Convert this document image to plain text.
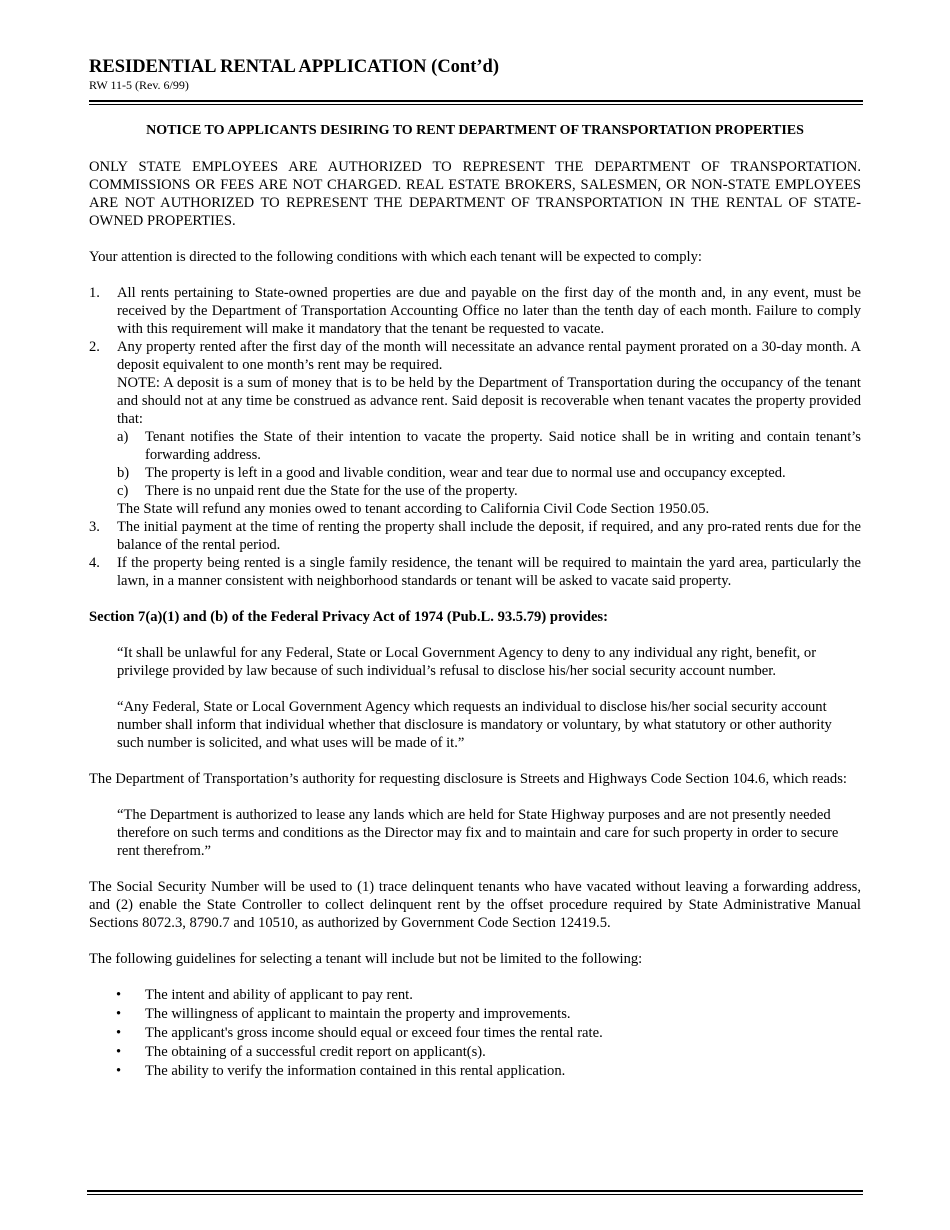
RESIDENTIAL RENTAL APPLICATION (Cont’d)
RW 11-5 (Rev. 6/99)
NOTICE TO APPLICANTS DESIRING TO RENT DEPARTMENT OF TRANSPORTATION PROPERTIES

ONLY STATE EMPLOYEES ARE AUTHORIZED TO REPRESENT THE DEPARTMENT OF TRANSPORTATION. COMMISSIONS OR FEES ARE NOT CHARGED. REAL ESTATE BROKERS, SALESMEN, OR NON-STATE EMPLOYEES ARE NOT AUTHORIZED TO REPRESENT THE DEPARTMENT OF TRANSPORTATION IN THE RENTAL OF STATE-OWNED PROPERTIES.

Your attention is directed to the following conditions with which each tenant will be expected to comply:

1. All rents pertaining to State-owned properties are due and payable on the first day of the month and, in any event, must be received by the Department of Transportation Accounting Office no later than the tenth day of each month. Failure to comply with this requirement will make it mandatory that the tenant be requested to vacate.
2. Any property rented after the first day of the month will necessitate an advance rental payment prorated on a 30-day month. A deposit equivalent to one month’s rent may be required.
NOTE: A deposit is a sum of money that is to be held by the Department of Transportation during the occupancy of the tenant and should not at any time be construed as advance rent. Said deposit is recoverable when tenant vacates the property provided that:
a) Tenant notifies the State of their intention to vacate the property. Said notice shall be in writing and contain tenant’s forwarding address.
b) The property is left in a good and livable condition, wear and tear due to normal use and occupancy excepted.
c) There is no unpaid rent due the State for the use of the property.
The State will refund any monies owed to tenant according to California Civil Code Section 1950.05.
3. The initial payment at the time of renting the property shall include the deposit, if required, and any pro-rated rents due for the balance of the rental period.
4. If the property being rented is a single family residence, the tenant will be required to maintain the yard area, particularly the lawn, in a manner consistent with neighborhood standards or tenant will be asked to vacate said property.

Section 7(a)(1) and (b) of the Federal Privacy Act of 1974 (Pub.L. 93.5.79) provides:

“It shall be unlawful for any Federal, State or Local Government Agency to deny to any individual any right, benefit, or privilege provided by law because of such individual’s refusal to disclose his/her social security account number.

“Any Federal, State or Local Government Agency which requests an individual to disclose his/her social security account number shall inform that individual whether that disclosure is mandatory or voluntary, by what statutory or other authority such number is solicited, and what uses will be made of it.”

The Department of Transportation’s authority for requesting disclosure is Streets and Highways Code Section 104.6, which reads:

“The Department is authorized to lease any lands which are held for State Highway purposes and are not presently needed therefore on such terms and conditions as the Director may fix and to maintain and care for such property in order to secure rent therefrom.”

The Social Security Number will be used to (1) trace delinquent tenants who have vacated without leaving a forwarding address, and (2) enable the State Controller to collect delinquent rent by the offset procedure required by State Administrative Manual Sections 8072.3, 8790.7 and 10510, as authorized by Government Code Section 12419.5.

The following guidelines for selecting a tenant will include but not be limited to the following:

• The intent and ability of applicant to pay rent.
• The willingness of applicant to maintain the property and improvements.
• The applicant's gross income should equal or exceed four times the rental rate.
• The obtaining of a successful credit report on applicant(s).
• The ability to verify the information contained in this rental application.
